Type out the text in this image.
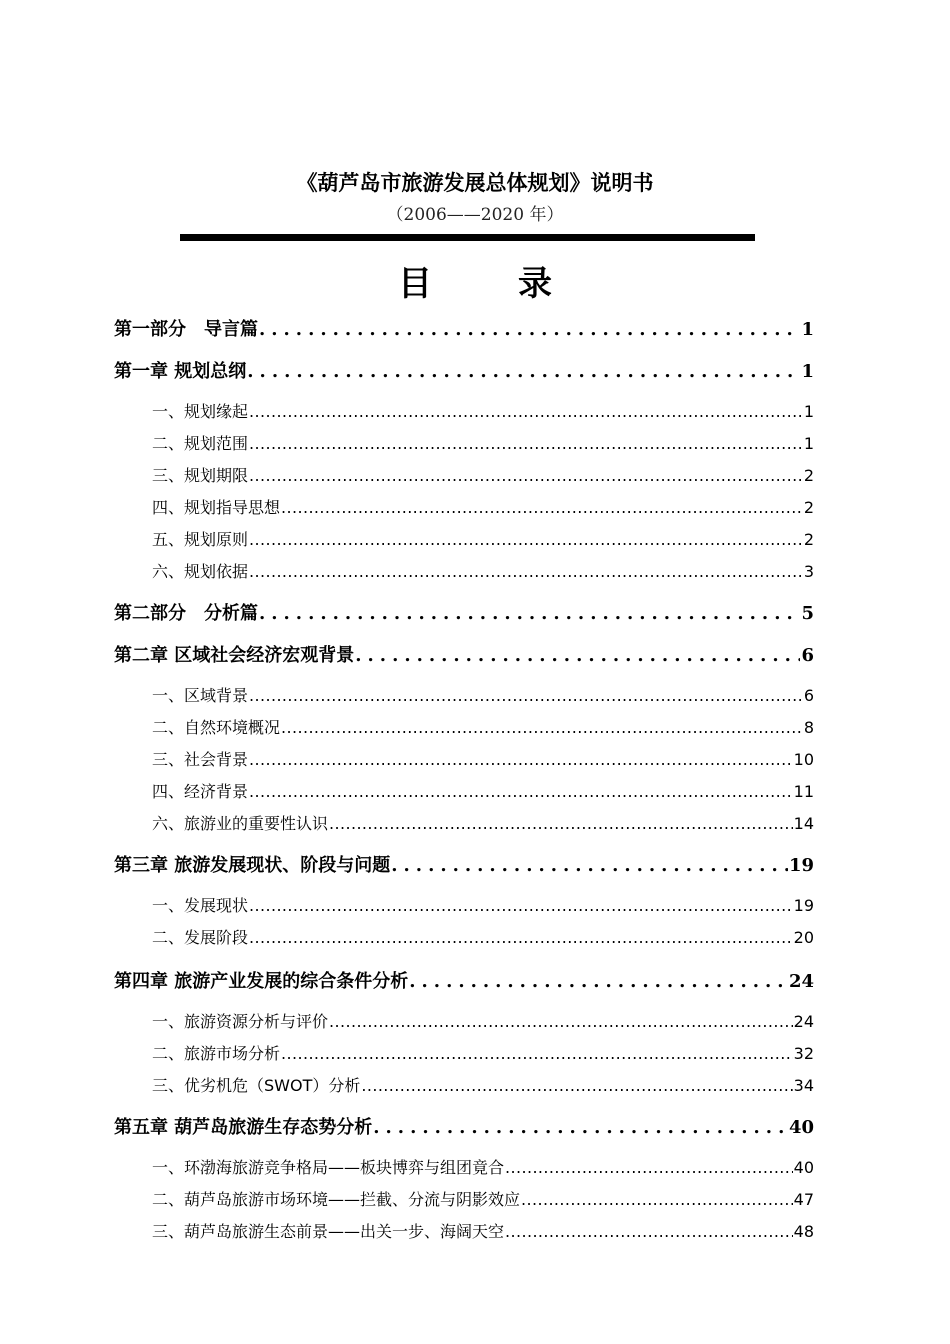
《葫芦岛市旅游发展总体规划》说明书
（2006——2020 年）
目录
第一部分　导言篇 .....	1
第一章 规划总纲 .....	1
一、规划缘起 .....	1
二、规划范围 .....	1
三、规划期限 .....	2
四、规划指导思想 .....	2
五、规划原则 .....	2
六、规划依据 .....	3
第二部分　分析篇 .....	5
第二章 区域社会经济宏观背景 .....	6
一、区域背景 .....	6
二、自然环境概况 .....	8
三、社会背景 .....	10
四、经济背景 .....	11
六、旅游业的重要性认识 .....	14
第三章 旅游发展现状、阶段与问题 .....	19
一、发展现状 .....	19
二、发展阶段 .....	20
第四章 旅游产业发展的综合条件分析 .....	24
一、旅游资源分析与评价 .....	24
二、旅游市场分析 .....	32
三、优劣机危（SWOT）分析 .....	34
第五章 葫芦岛旅游生存态势分析 .....	40
一、环渤海旅游竞争格局——板块博弈与组团竟合 .....	40
二、葫芦岛旅游市场环境——拦截、分流与阴影效应 .....	47
三、葫芦岛旅游生态前景——出关一步、海阔天空 .....	48
